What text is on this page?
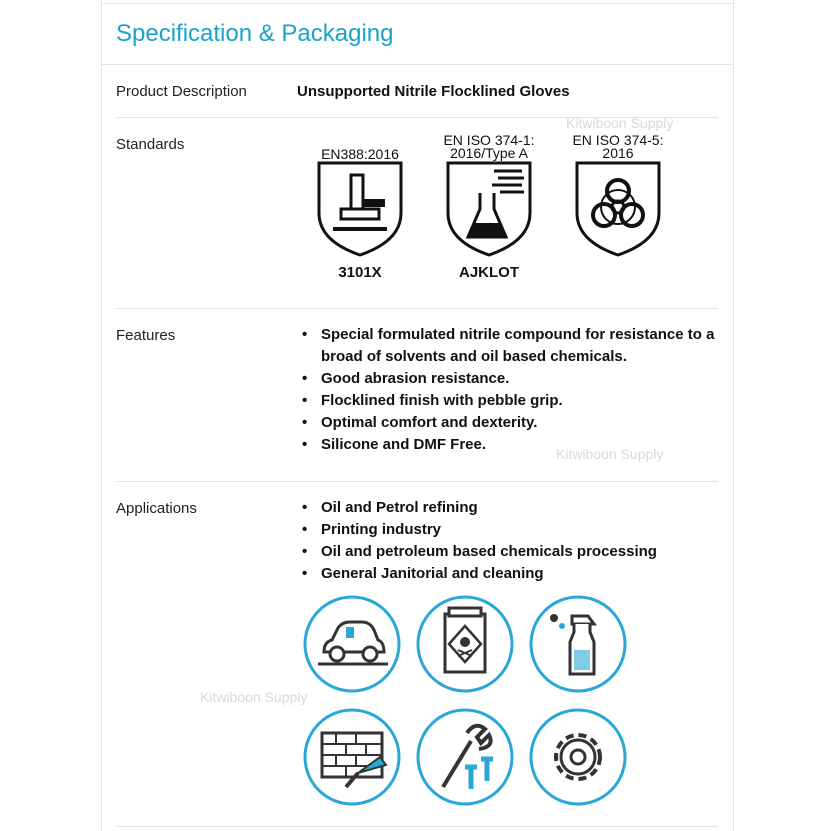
Specification & Packaging
Product Description	Unsupported Nitrile Flocklined Gloves
Standards
EN388:2016
3101X
EN ISO 374-1:
2016/Type A
AJKLOT
EN ISO 374-5:
2016
Features	• Special formulated nitrile compound for resistance to a
broad of solvents and oil based chemicals.
• Good abrasion resistance.
• Flocklined finish with pebble grip.
• Optimal comfort and dexterity.
• Silicone and DMF Free.
Applications	• Oil and Petrol refining
• Printing industry
• Oil and petroleum based chemicals processing
• General Janitorial and cleaning
Kitwiboon Supply
Kitwiboon Supply
Kitwiboon Supply
